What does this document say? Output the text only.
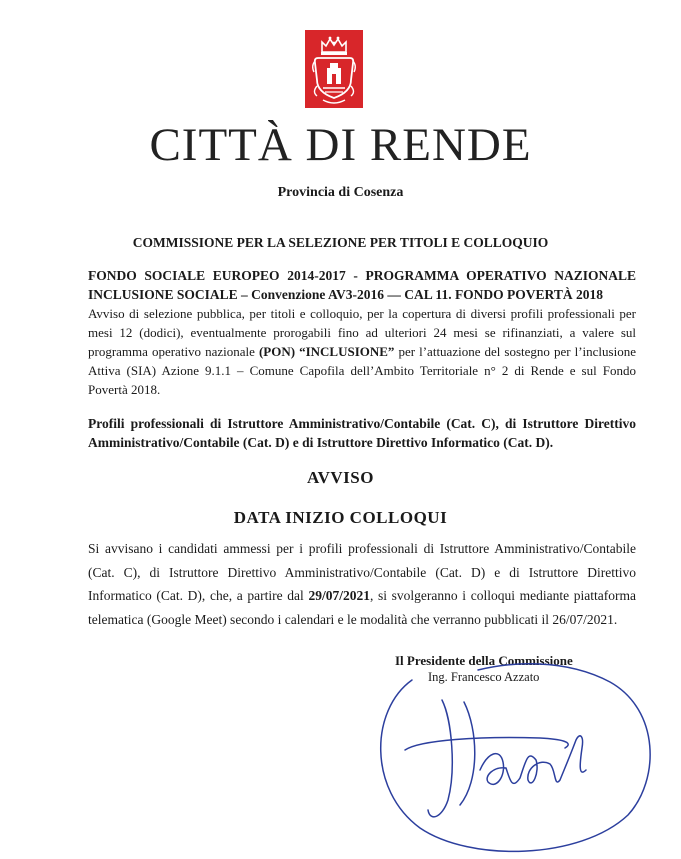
CITTÀ DI RENDE
Provincia di Cosenza
COMMISSIONE PER LA SELEZIONE PER TITOLI E COLLOQUIO
FONDO SOCIALE EUROPEO 2014-2017 - PROGRAMMA OPERATIVO NAZIONALE
INCLUSIONE SOCIALE – Convenzione AV3-2016 — CAL 11. FONDO POVERTÀ 2018
Avviso di selezione pubblica, per titoli e colloquio, per la copertura di diversi profili professionali per mesi 12 (dodici), eventualmente prorogabili fino ad ulteriori 24 mesi se rifinanziati, a valere sul programma operativo nazionale (PON) “INCLUSIONE” per l’attuazione del sostegno per l’inclusione Attiva (SIA) Azione 9.1.1 – Comune Capofila dell’Ambito Territoriale n° 2 di Rende e sul Fondo Povertà 2018.
Profili professionali di Istruttore Amministrativo/Contabile (Cat. C), di Istruttore Direttivo Amministrativo/Contabile (Cat. D) e di Istruttore Direttivo Informatico (Cat. D).
AVVISO
DATA INIZIO COLLOQUI
Si avvisano i candidati ammessi per i profili professionali di Istruttore Amministrativo/Contabile (Cat. C), di Istruttore Direttivo Amministrativo/Contabile (Cat. D) e di Istruttore Direttivo Informatico (Cat. D), che, a partire dal 29/07/2021, si svolgeranno i colloqui mediante piattaforma telematica (Google Meet) secondo i calendari e le modalità che verranno pubblicati il 26/07/2021.
Il Presidente della Commissione
Ing. Francesco Azzato
